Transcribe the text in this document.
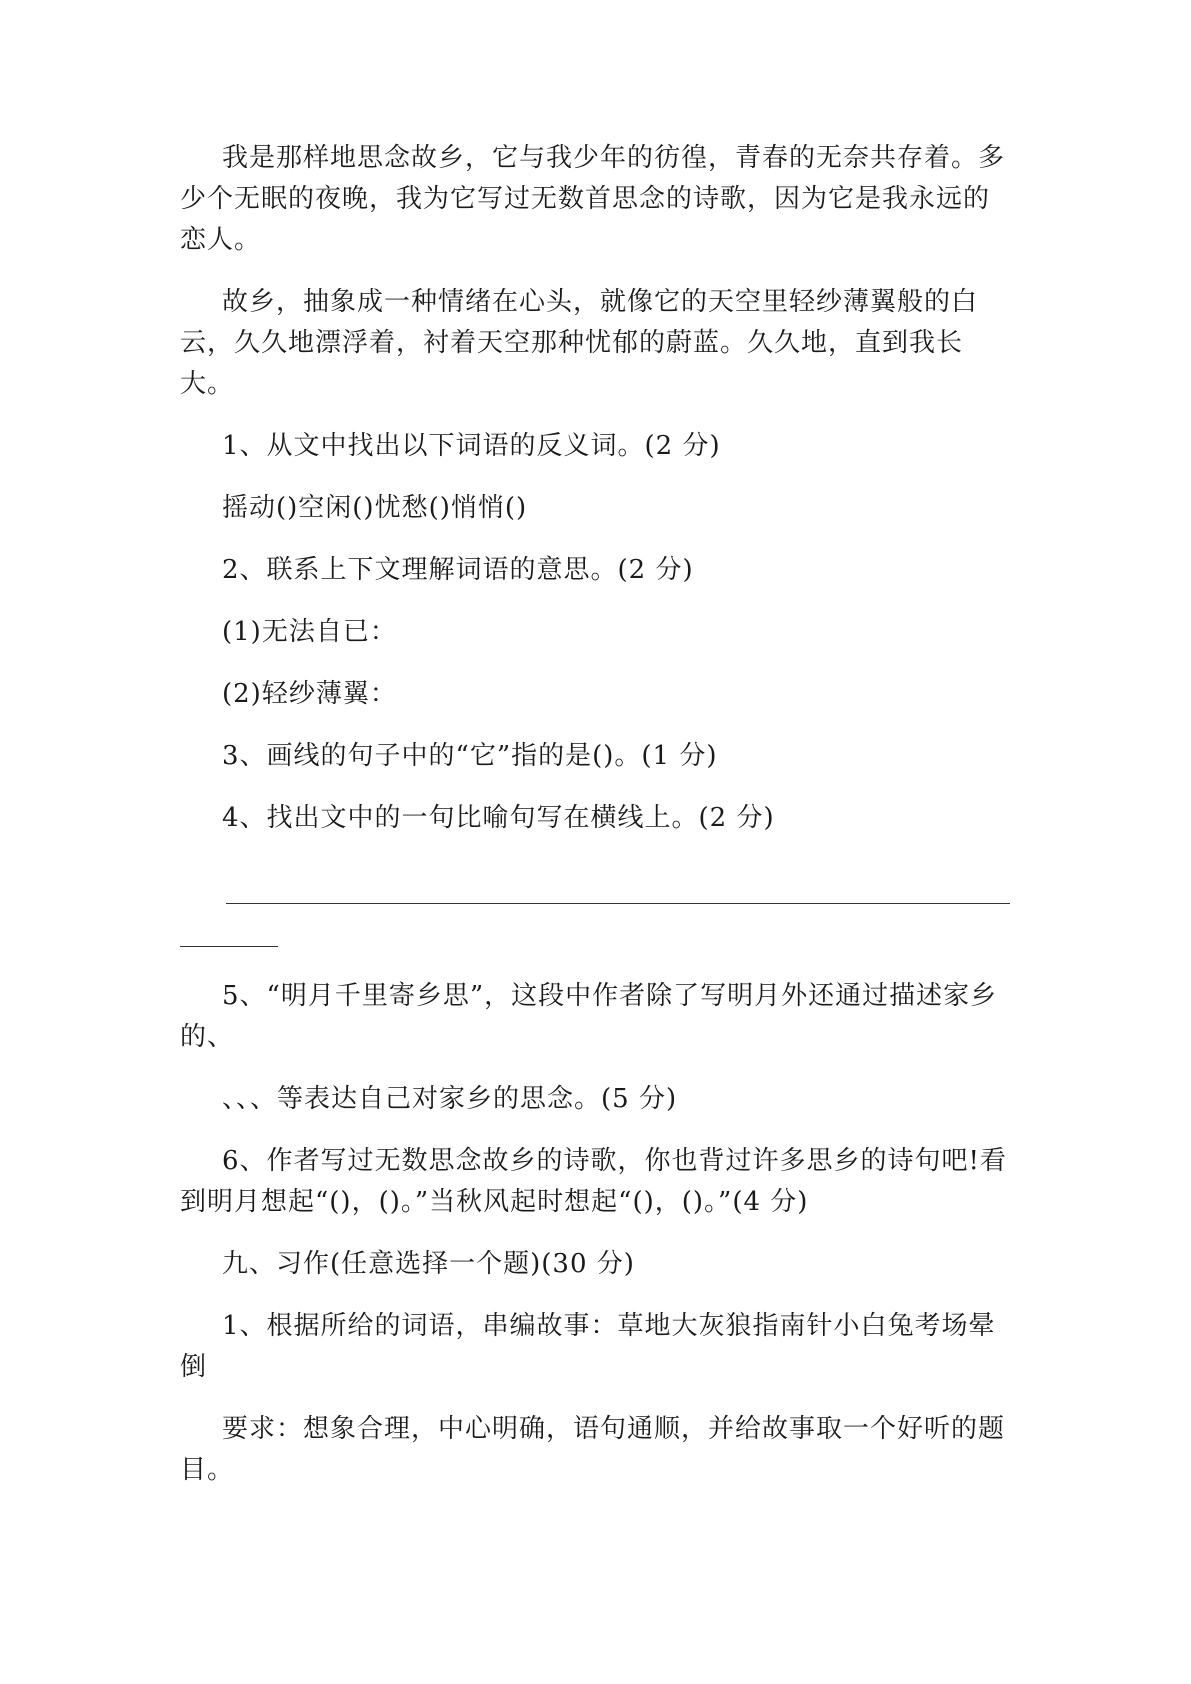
我是那样地思念故乡，它与我少年的彷徨，青春的无奈共存着。多少个无眠的夜晚，我为它写过无数首思念的诗歌，因为它是我永远的恋人。

故乡，抽象成一种情绪在心头，就像它的天空里轻纱薄翼般的白云，久久地漂浮着，衬着天空那种忧郁的蔚蓝。久久地，直到我长大。

1、从文中找出以下词语的反义词。(2 分)

摇动()空闲()忧愁()悄悄()

2、联系上下文理解词语的意思。(2 分)

(1)无法自已：

(2)轻纱薄翼：

3、画线的句子中的“它”指的是()。(1 分)

4、找出文中的一句比喻句写在横线上。(2 分)

5、“明月千里寄乡思”，这段中作者除了写明月外还通过描述家乡的、

、、、等表达自己对家乡的思念。(5 分)

6、作者写过无数思念故乡的诗歌，你也背过许多思乡的诗句吧!看到明月想起“()，()。”当秋风起时想起“()，()。”(4 分)

九、习作(任意选择一个题)(30 分)

1、根据所给的词语，串编故事：草地大灰狼指南针小白兔考场晕倒

要求：想象合理，中心明确，语句通顺，并给故事取一个好听的题目。
